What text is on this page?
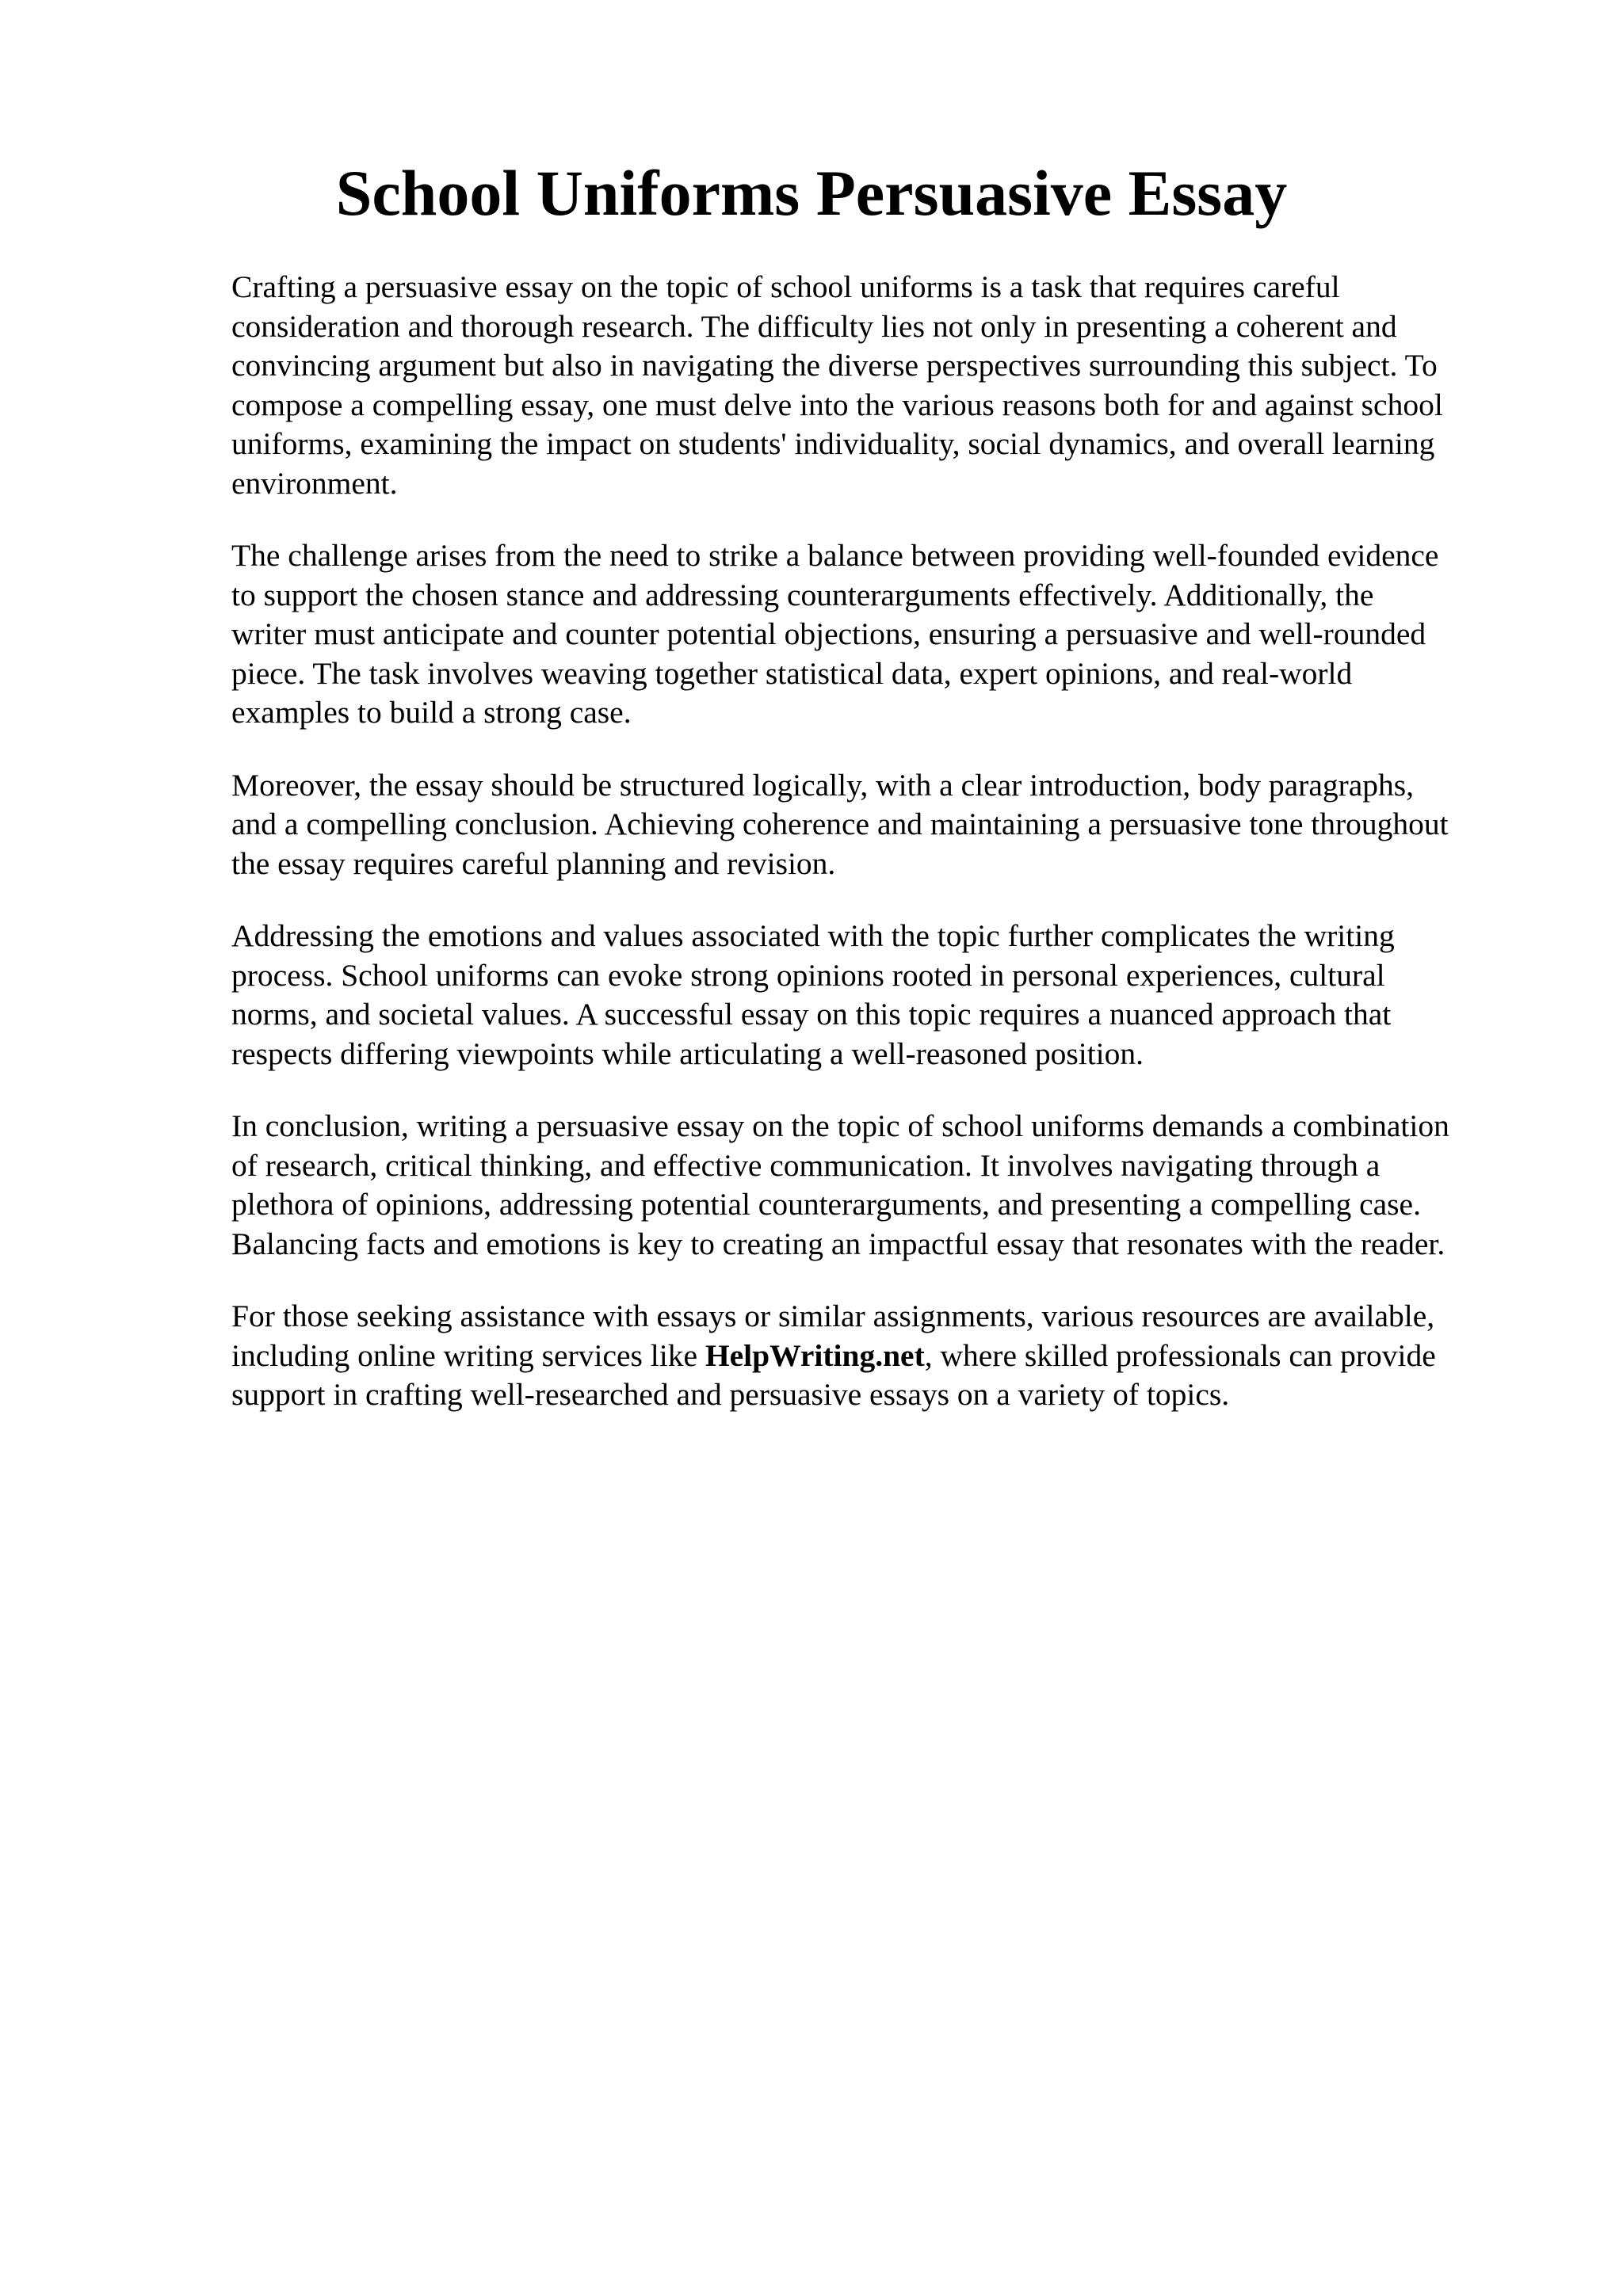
School Uniforms Persuasive Essay

Crafting a persuasive essay on the topic of school uniforms is a task that requires careful
consideration and thorough research. The difficulty lies not only in presenting a coherent and
convincing argument but also in navigating the diverse perspectives surrounding this subject. To
compose a compelling essay, one must delve into the various reasons both for and against school
uniforms, examining the impact on students' individuality, social dynamics, and overall learning
environment.

The challenge arises from the need to strike a balance between providing well-founded evidence
to support the chosen stance and addressing counterarguments effectively. Additionally, the
writer must anticipate and counter potential objections, ensuring a persuasive and well-rounded
piece. The task involves weaving together statistical data, expert opinions, and real-world
examples to build a strong case.

Moreover, the essay should be structured logically, with a clear introduction, body paragraphs,
and a compelling conclusion. Achieving coherence and maintaining a persuasive tone throughout
the essay requires careful planning and revision.

Addressing the emotions and values associated with the topic further complicates the writing
process. School uniforms can evoke strong opinions rooted in personal experiences, cultural
norms, and societal values. A successful essay on this topic requires a nuanced approach that
respects differing viewpoints while articulating a well-reasoned position.

In conclusion, writing a persuasive essay on the topic of school uniforms demands a combination
of research, critical thinking, and effective communication. It involves navigating through a
plethora of opinions, addressing potential counterarguments, and presenting a compelling case.
Balancing facts and emotions is key to creating an impactful essay that resonates with the reader.

For those seeking assistance with essays or similar assignments, various resources are available,
including online writing services like HelpWriting.net, where skilled professionals can provide
support in crafting well-researched and persuasive essays on a variety of topics.
